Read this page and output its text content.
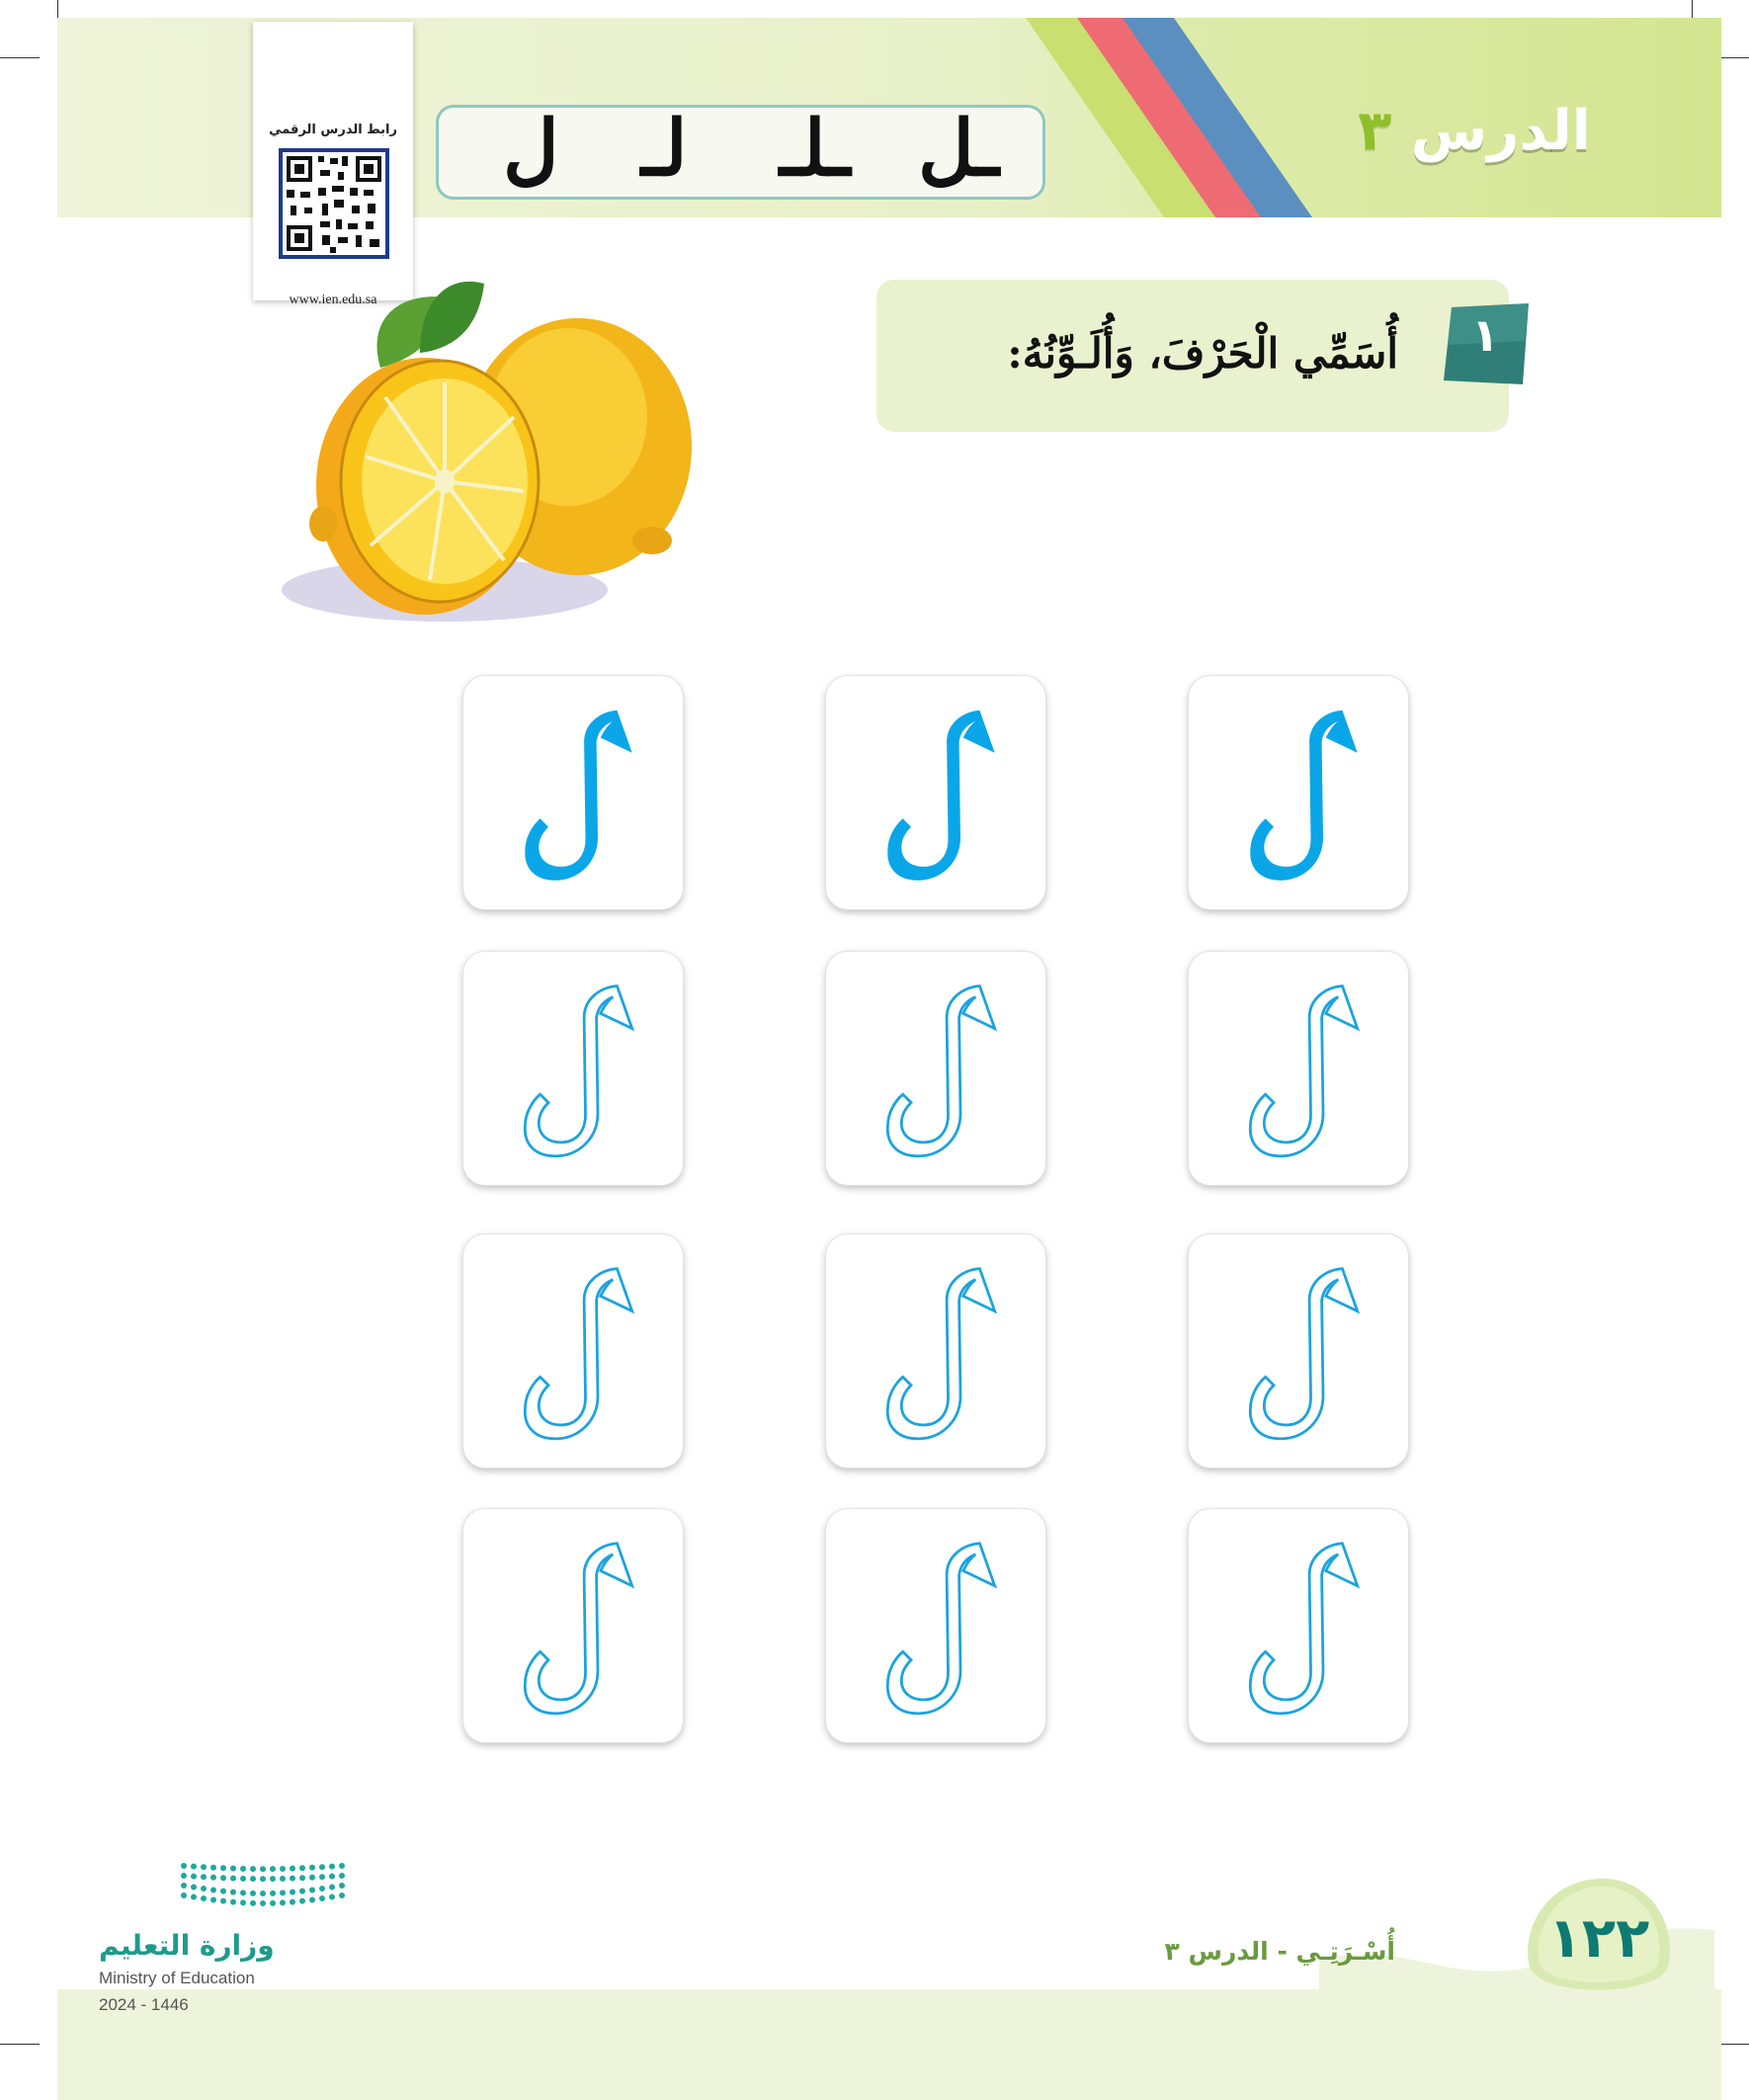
الدرس ٣
ـل
ـلـ
لـ
ل
رابط الدرس الرقمي
www.ien.edu.sa
أُسَمِّي الْحَرْفَ، وَأُلَـوِّنُهُ:	١
١٢٢
أُسْـرَتِـي - الدرس ٣
وزارة التعليم
Ministry of Education
2024 - 1446
